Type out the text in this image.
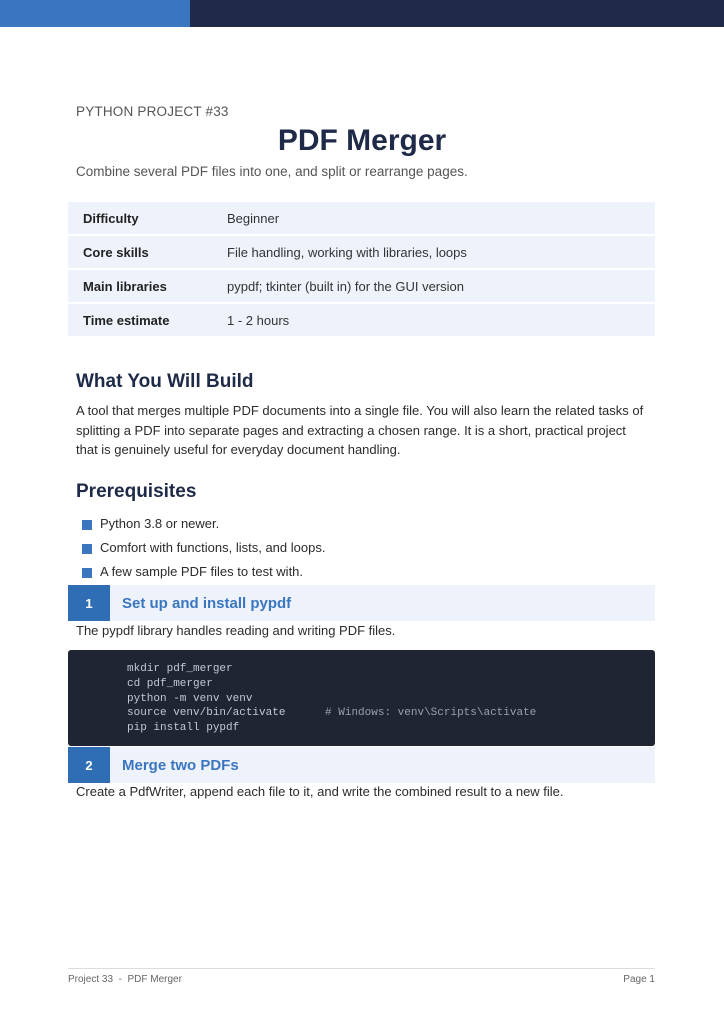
PYTHON PROJECT #33
PDF Merger
Combine several PDF files into one, and split or rearrange pages.
Difficulty	Beginner
Core skills	File handling, working with libraries, loops
Main libraries	pypdf; tkinter (built in) for the GUI version
Time estimate	1 - 2 hours
What You Will Build
A tool that merges multiple PDF documents into a single file. You will also learn the related tasks of splitting a PDF into separate pages and extracting a chosen range. It is a short, practical project that is genuinely useful for everyday document handling.
Prerequisites
Python 3.8 or newer.
Comfort with functions, lists, and loops.
A few sample PDF files to test with.
1	Set up and install pypdf
The pypdf library handles reading and writing PDF files.
mkdir pdf_merger
cd pdf_merger
python -m venv venv
source venv/bin/activate      # Windows: venv\Scripts\activate
pip install pypdf
2	Merge two PDFs
Create a PdfWriter, append each file to it, and write the combined result to a new file.
Project 33  -  PDF Merger	Page 1
